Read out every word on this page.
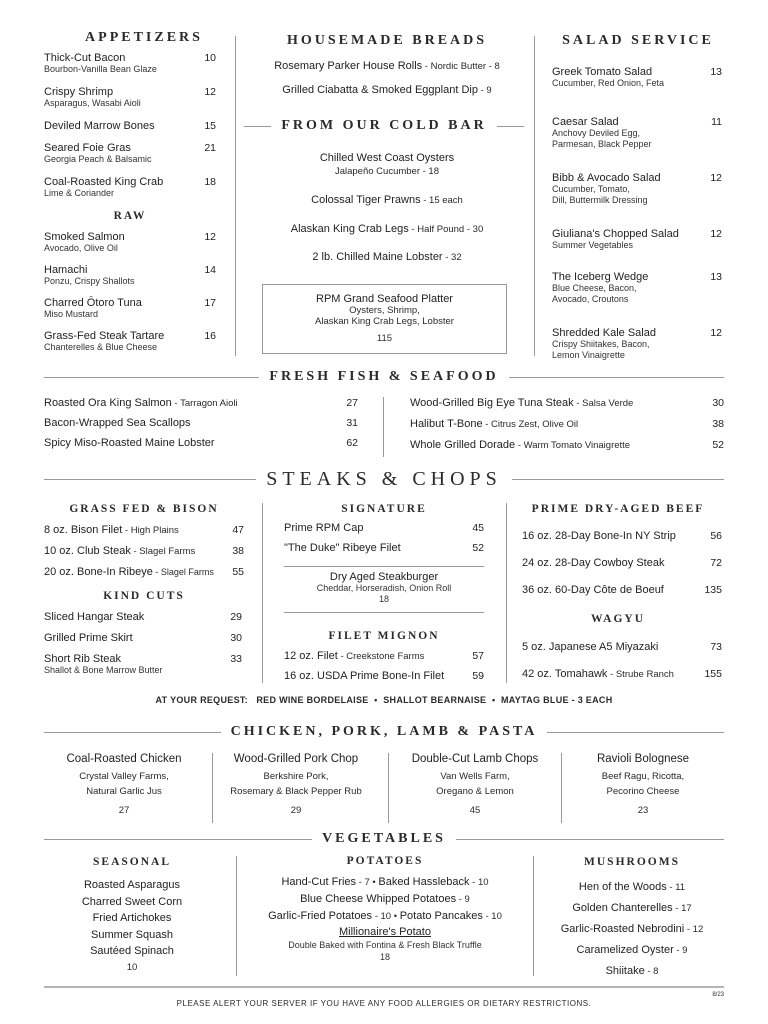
APPETIZERS
Thick-Cut Bacon	10
Bourbon-Vanilla Bean Glaze
Crispy Shrimp	12
Asparagus, Wasabi Aioli
Deviled Marrow Bones	15
Seared Foie Gras	21
Georgia Peach & Balsamic
Coal-Roasted King Crab	18
Lime & Coriander
RAW
Smoked Salmon	12
Avocado, Olive Oil
Hamachi	14
Ponzu, Crispy Shallots
Charred Ōtoro Tuna	17
Miso Mustard
Grass-Fed Steak Tartare	16
Chanterelles & Blue Cheese
HOUSEMADE BREADS
Rosemary Parker House Rolls - Nordic Butter - 8
Grilled Ciabatta & Smoked Eggplant Dip - 9
FROM OUR COLD BAR
Chilled West Coast Oysters
Jalapeño Cucumber - 18
Colossal Tiger Prawns - 15 each
Alaskan King Crab Legs - Half Pound - 30
2 lb. Chilled Maine Lobster - 32
RPM Grand Seafood Platter
Oysters, Shrimp,
Alaskan King Crab Legs, Lobster
115
SALAD SERVICE
Greek Tomato Salad	13
Cucumber, Red Onion, Feta
Caesar Salad	11
Anchovy Deviled Egg,
Parmesan, Black Pepper
Bibb & Avocado Salad	12
Cucumber, Tomato,
Dill, Buttermilk Dressing
Giuliana's Chopped Salad	12
Summer Vegetables
The Iceberg Wedge	13
Blue Cheese, Bacon,
Avocado, Croutons
Shredded Kale Salad	12
Crispy Shiitakes, Bacon,
Lemon Vinaigrette
FRESH FISH & SEAFOOD
Roasted Ora King Salmon - Tarragon Aioli	27
Bacon-Wrapped Sea Scallops	31
Spicy Miso-Roasted Maine Lobster	62
Wood-Grilled Big Eye Tuna Steak - Salsa Verde	30
Halibut T-Bone - Citrus Zest, Olive Oil	38
Whole Grilled Dorade - Warm Tomato Vinaigrette	52
STEAKS & CHOPS
GRASS FED & BISON
8 oz. Bison Filet - High Plains	47
10 oz. Club Steak - Slagel Farms	38
20 oz. Bone-In Ribeye - Slagel Farms 55
KIND CUTS
Sliced Hangar Steak	29
Grilled Prime Skirt	30
Short Rib Steak	33
Shallot & Bone Marrow Butter
SIGNATURE
Prime RPM Cap	45
"The Duke" Ribeye Filet	52
Dry Aged Steakburger
Cheddar, Horseradish, Onion Roll
18
FILET MIGNON
12 oz. Filet - Creekstone Farms	57
16 oz. USDA Prime Bone-In Filet	59
PRIME DRY-AGED BEEF
16 oz. 28-Day Bone-In NY Strip	56
24 oz. 28-Day Cowboy Steak	72
36 oz. 60-Day Côte de Boeuf	135
WAGYU
5 oz. Japanese A5 Miyazaki	73
42 oz. Tomahawk - Strube Ranch	155
AT YOUR REQUEST:   RED WINE BORDELAISE  •  SHALLOT BEARNAISE  •  MAYTAG BLUE - 3 EACH
CHICKEN, PORK, LAMB & PASTA
Coal-Roasted Chicken
Crystal Valley Farms,
Natural Garlic Jus
27
Wood-Grilled Pork Chop
Berkshire Pork,
Rosemary & Black Pepper Rub
29
Double-Cut Lamb Chops
Van Wells Farm,
Oregano & Lemon
45
Ravioli Bolognese
Beef Ragu, Ricotta,
Pecorino Cheese
23
VEGETABLES
SEASONAL
Roasted Asparagus
Charred Sweet Corn
Fried Artichokes
Summer Squash
Sautéed Spinach
10
POTATOES
Hand-Cut Fries - 7 • Baked Hassleback - 10
Blue Cheese Whipped Potatoes - 9
Garlic-Fried Potatoes - 10 • Potato Pancakes - 10
Millionaire's Potato
Double Baked with Fontina & Fresh Black Truffle
18
MUSHROOMS
Hen of the Woods - 11
Golden Chanterelles - 17
Garlic-Roasted Nebrodini - 12
Caramelized Oyster - 9
Shiitake - 8
8/23
PLEASE ALERT YOUR SERVER IF YOU HAVE ANY FOOD ALLERGIES OR DIETARY RESTRICTIONS.
